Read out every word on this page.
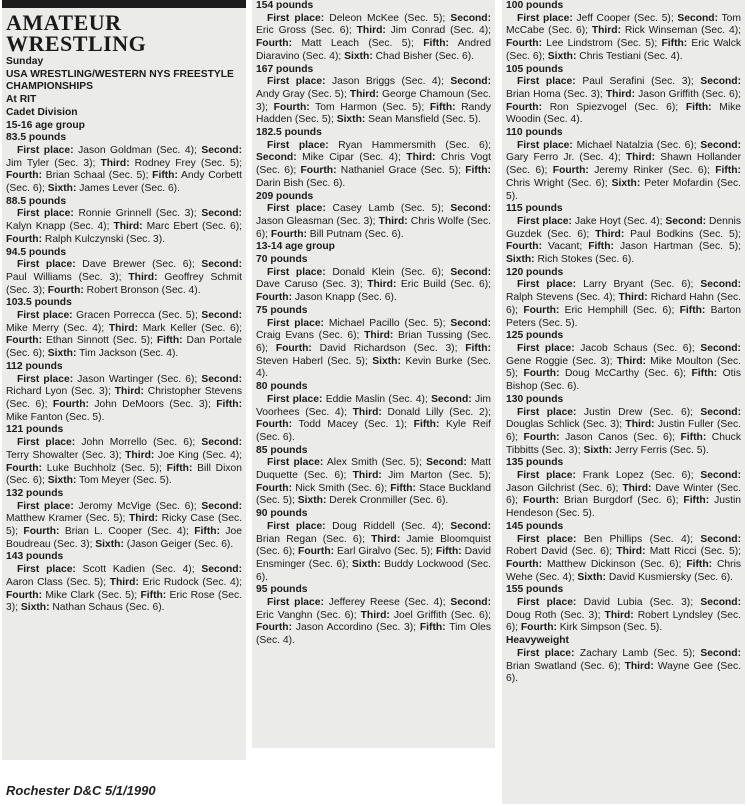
AMATEUR WRESTLING
Sunday
USA WRESTLING/WESTERN NYS FREESTYLE CHAMPIONSHIPS
At RIT
Cadet Division
15-16 age group
83.5 pounds
First place: Jason Goldman (Sec. 4); Second: Jim Tyler (Sec. 3); Third: Rodney Frey (Sec. 5); Fourth: Brian Schaal (Sec. 5); Fifth: Andy Corbett (Sec. 6); Sixth: James Lever (Sec. 6).
88.5 pounds
First place: Ronnie Grinnell (Sec. 3); Second: Kalyn Knapp (Sec. 4); Third: Marc Ebert (Sec. 6); Fourth: Ralph Kulczynski (Sec. 3).
94.5 pounds
First place: Dave Brewer (Sec. 6); Second: Paul Williams (Sec. 3); Third: Geoffrey Schmit (Sec. 3); Fourth: Robert Bronson (Sec. 4).
103.5 pounds
First place: Gracen Porrecca (Sec. 5); Second: Mike Merry (Sec. 4); Third: Mark Keller (Sec. 6); Fourth: Ethan Sinnott (Sec. 5); Fifth: Dan Portale (Sec. 6); Sixth: Tim Jackson (Sec. 4).
112 pounds
First place: Jason Wartinger (Sec. 6); Second: Richard Lyon (Sec. 3); Third: Christopher Stevens (Sec. 6); Fourth: John DeMoors (Sec. 3); Fifth: Mike Fanton (Sec. 5).
121 pounds
First place: John Morrello (Sec. 6); Second: Terry Showalter (Sec. 3); Third: Joe King (Sec. 4); Fourth: Luke Buchholz (Sec. 5); Fifth: Bill Dixon (Sec. 6); Sixth: Tom Meyer (Sec. 5).
132 pounds
First place: Jeromy McVige (Sec. 6); Second: Matthew Kramer (Sec. 5); Third: Ricky Case (Sec. 5); Fourth: Brian L. Cooper (Sec. 4); Fifth: Joe Boudreau (Sec. 3); Sixth: (Jason Geiger (Sec. 6).
143 pounds
First place: Scott Kadien (Sec. 4); Second: Aaron Class (Sec. 5); Third: Eric Rudock (Sec. 4); Fourth: Mike Clark (Sec. 5); Fifth: Eric Rose (Sec. 3); Sixth: Nathan Schaus (Sec. 6).
154 pounds
First place: Deleon McKee (Sec. 5); Second: Eric Gross (Sec. 6); Third: Jim Conrad (Sec. 4); Fourth: Matt Leach (Sec. 5); Fifth: Andred Diaravino (Sec. 4); Sixth: Chad Bisher (Sec. 6).
167 pounds
First place: Jason Briggs (Sec. 4); Second: Andy Gray (Sec. 5); Third: George Chamoun (Sec. 3); Fourth: Tom Harmon (Sec. 5); Fifth: Randy Hadden (Sec. 5); Sixth: Sean Mansfield (Sec. 5).
182.5 pounds
First place: Ryan Hammersmith (Sec. 6); Second: Mike Cipar (Sec. 4); Third: Chris Vogt (Sec. 6); Fourth: Nathaniel Grace (Sec. 5); Fifth: Darin Bish (Sec. 6).
209 pounds
First place: Casey Lamb (Sec. 5); Second: Jason Gleasman (Sec. 3); Third: Chris Wolfe (Sec. 6); Fourth: Bill Putnam (Sec. 6).
13-14 age group
70 pounds
First place: Donald Klein (Sec. 6); Second: Dave Caruso (Sec. 3); Third: Eric Build (Sec. 6); Fourth: Jason Knapp (Sec. 6).
75 pounds
First place: Michael Pacillo (Sec. 5); Second: Craig Evans (Sec. 6); Third: Brian Tussing (Sec. 6); Fourth: David Richardson (Sec. 3); Fifth: Steven Haberl (Sec. 5); Sixth: Kevin Burke (Sec. 4).
80 pounds
First place: Eddie Maslin (Sec. 4); Second: Jim Voorhees (Sec. 4); Third: Donald Lilly (Sec. 2); Fourth: Todd Macey (Sec. 1); Fifth: Kyle Reif (Sec. 6).
85 pounds
First place: Alex Smith (Sec. 5); Second: Matt Duquette (Sec. 6); Third: Jim Marton (Sec. 5); Fourth: Nick Smith (Sec. 6); Fifth: Stace Buckland (Sec. 5); Sixth: Derek Cronmiller (Sec. 6).
90 pounds
First place: Doug Riddell (Sec. 4); Second: Brian Regan (Sec. 6); Third: Jamie Bloomquist (Sec. 6); Fourth: Earl Giralvo (Sec. 5); Fifth: David Ensminger (Sec. 6); Sixth: Buddy Lockwood (Sec. 6).
95 pounds
First place: Jefferey Reese (Sec. 4); Second: Eric Vanghn (Sec. 6); Third: Joel Griffith (Sec. 6); Fourth: Jason Accordino (Sec. 3); Fifth: Tim Oles (Sec. 4).
100 pounds
First place: Jeff Cooper (Sec. 5); Second: Tom McCabe (Sec. 6); Third: Rick Winseman (Sec. 4); Fourth: Lee Lindstrom (Sec. 5); Fifth: Eric Walck (Sec. 6); Sixth: Chris Testiani (Sec. 4).
105 pounds
First place: Paul Serafini (Sec. 3); Second: Brian Homa (Sec. 3); Third: Jason Griffith (Sec. 6); Fourth: Ron Spiezvogel (Sec. 6); Fifth: Mike Woodin (Sec. 4).
110 pounds
First place: Michael Natalzia (Sec. 6); Second: Gary Ferro Jr. (Sec. 4); Third: Shawn Hollander (Sec. 6); Fourth: Jeremy Rinker (Sec. 6); Fifth: Chris Wright (Sec. 6); Sixth: Peter Mofardin (Sec. 5).
115 pounds
First place: Jake Hoyt (Sec. 4); Second: Dennis Guzdek (Sec. 6); Third: Paul Bodkins (Sec. 5); Fourth: Vacant; Fifth: Jason Hartman (Sec. 5); Sixth: Rich Stokes (Sec. 6).
120 pounds
First place: Larry Bryant (Sec. 6); Second: Ralph Stevens (Sec. 4); Third: Richard Hahn (Sec. 6); Fourth: Eric Hemphill (Sec. 6); Fifth: Barton Peters (Sec. 5).
125 pounds
First place: Jacob Schaus (Sec. 6); Second: Gene Roggie (Sec. 3); Third: Mike Moulton (Sec. 5); Fourth: Doug McCarthy (Sec. 6); Fifth: Otis Bishop (Sec. 6).
130 pounds
First place: Justin Drew (Sec. 6); Second: Douglas Schlick (Sec. 3); Third: Justin Fuller (Sec. 6); Fourth: Jason Canos (Sec. 6); Fifth: Chuck Tibbitts (Sec. 3); Sixth: Jerry Ferris (Sec. 5).
135 pounds
First place: Frank Lopez (Sec. 6); Second: Jason Gilchrist (Sec. 6); Third: Dave Winter (Sec. 6); Fourth: Brian Burgdorf (Sec. 6); Fifth: Justin Hendeson (Sec. 5).
145 pounds
First place: Ben Phillips (Sec. 4); Second: Robert David (Sec. 6); Third: Matt Ricci (Sec. 5); Fourth: Matthew Dickinson (Sec. 6); Fifth: Chris Wehe (Sec. 4); Sixth: David Kusmiersky (Sec. 6).
155 pounds
First place: David Lubia (Sec. 3); Second: Doug Roth (Sec. 3); Third: Robert Lyndsley (Sec. 6); Fourth: Kirk Simpson (Sec. 5).
Heavyweight
First place: Zachary Lamb (Sec. 5); Second: Brian Swatland (Sec. 6); Third: Wayne Gee (Sec. 6).
Rochester D&C 5/1/1990
